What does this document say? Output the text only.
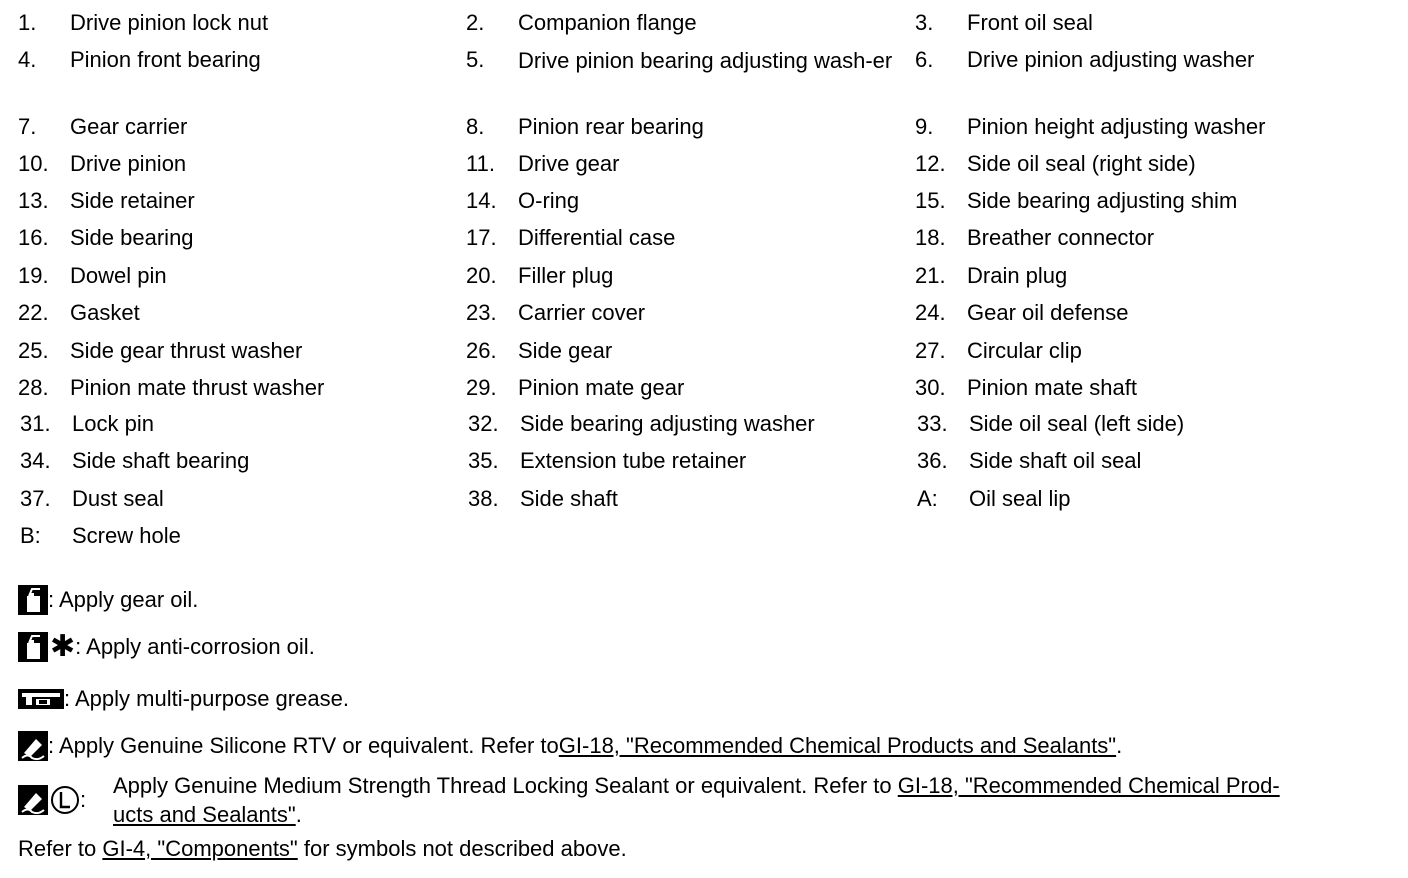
1. Drive pinion lock nut	2. Companion flange	3. Front oil seal
4. Pinion front bearing	5. Drive pinion bearing adjusting wash-er	6. Drive pinion adjusting washer
7. Gear carrier	8. Pinion rear bearing	9. Pinion height adjusting washer
10. Drive pinion	11. Drive gear	12. Side oil seal (right side)
13. Side retainer	14. O-ring	15. Side bearing adjusting shim
16. Side bearing	17. Differential case	18. Breather connector
19. Dowel pin	20. Filler plug	21. Drain plug
22. Gasket	23. Carrier cover	24. Gear oil defense
25. Side gear thrust washer	26. Side gear	27. Circular clip
28. Pinion mate thrust washer	29. Pinion mate gear	30. Pinion mate shaft
31. Lock pin	32. Side bearing adjusting washer	33. Side oil seal (left side)
34. Side shaft bearing	35. Extension tube retainer	36. Side shaft oil seal
37. Dust seal	38. Side shaft	A: Oil seal lip
B: Screw hole
: Apply gear oil.
✱ : Apply anti-corrosion oil.
: Apply multi-purpose grease.
: Apply Genuine Silicone RTV or equivalent. Refer to GI-18, "Recommended Chemical Products and Sealants" .
:
Apply Genuine Medium Strength Thread Locking Sealant or equivalent. Refer to GI-18, "Recommended Chemical Prod-
ucts and Sealants".
Refer to GI-4, "Components" for symbols not described above.
